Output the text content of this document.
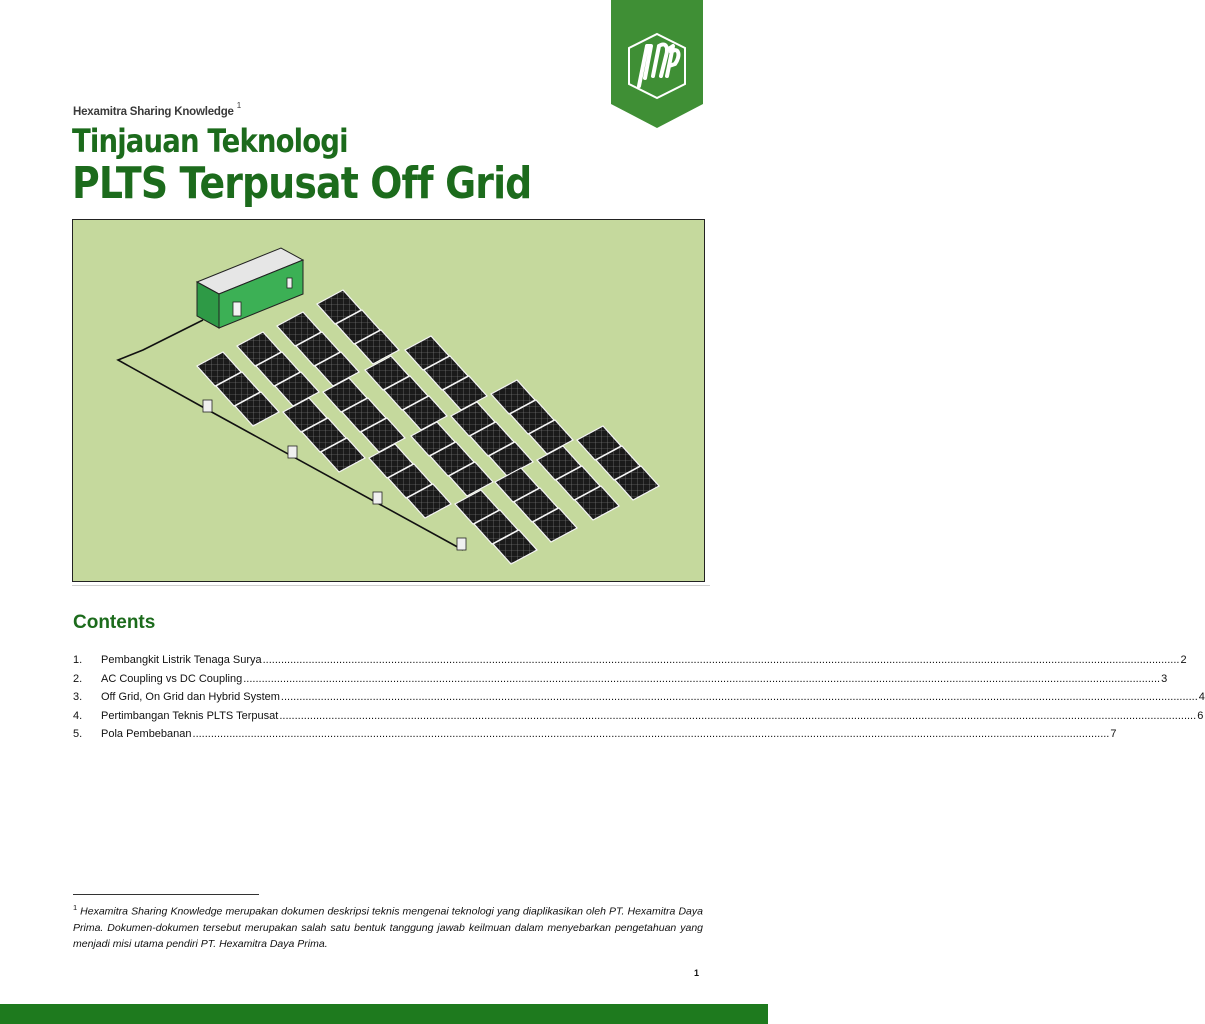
Hexamitra Sharing Knowledge$^1$
Tinjauan Teknologi
PLTS Terpusat Off Grid
Contents
1.	Pembangkit Listrik Tenaga Surya ............................................................................................................................................................................................................................................................................................................ 2
2.	AC Coupling vs DC Coupling ............................................................................................................................................................................................................................................................................................................ 3
3.	Off Grid, On Grid dan Hybrid System ............................................................................................................................................................................................................................................................................................................ 4
4.	Pertimbangan Teknis PLTS Terpusat ............................................................................................................................................................................................................................................................................................................ 6
5.	Pola Pembebanan ............................................................................................................................................................................................................................................................................................................ 7
$^1$ Hexamitra Sharing Knowledge merupakan dokumen deskripsi teknis mengenai teknologi yang diaplikasikan oleh PT. Hexamitra Daya Prima. Dokumen-dokumen tersebut merupakan salah satu bentuk tanggung jawab keilmuan dalam menyebarkan pengetahuan yang menjadi misi utama pendiri PT. Hexamitra Daya Prima.
1
